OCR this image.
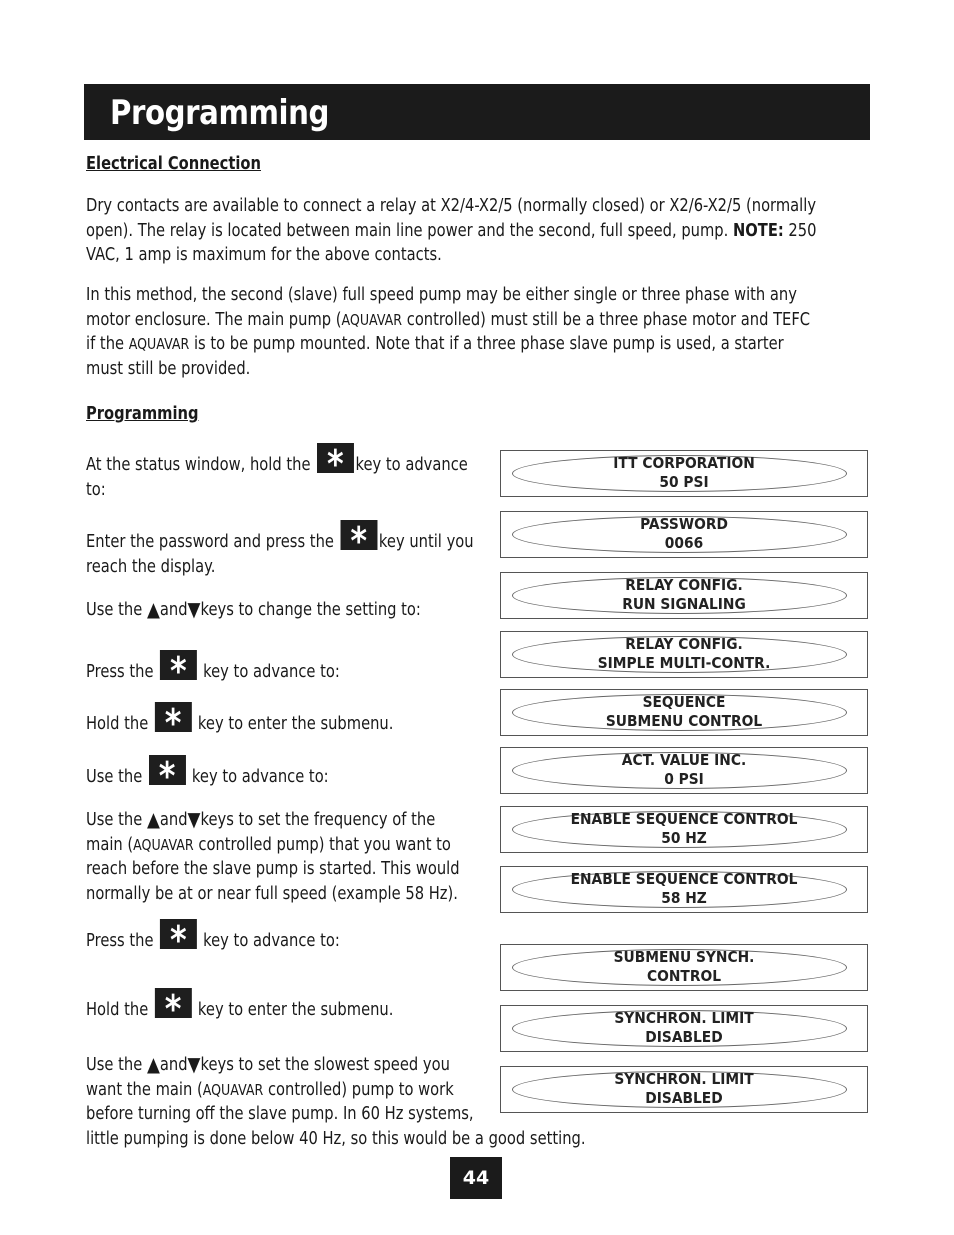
Programming
Electrical Connection
Dry contacts are available to connect a relay at X2/4-X2/5 (normally closed) or X2/6-X2/5 (normally
open). The relay is located between main line power and the second, full speed, pump. NOTE: 250
VAC, 1 amp is maximum for the above contacts.
In this method, the second (slave) full speed pump may be either single or three phase with any
motor enclosure. The main pump (AQUAVAR controlled) must still be a three phase motor and TEFC
if the AQUAVAR is to be pump mounted. Note that if a three phase slave pump is used, a starter
must still be provided.
Programming
At the status window, hold the * key to advance
to:
Enter the password and press the * key until you
reach the display.
Use the ▲and▼keys to change the setting to:
Press the * key to advance to:
Hold the * key to enter the submenu.
Use the * key to advance to:
Use the ▲and▼keys to set the frequency of the
main (AQUAVAR controlled pump) that you want to
reach before the slave pump is started. This would
normally be at or near full speed (example 58 Hz).
Press the * key to advance to:
Hold the * key to enter the submenu.
Use the ▲and▼keys to set the slowest speed you
want the main (AQUAVAR controlled) pump to work
before turning off the slave pump. In 60 Hz systems,
little pumping is done below 40 Hz, so this would be a good setting.
ITT CORPORATION
50 PSI
PASSWORD
0066
RELAY CONFIG.
RUN SIGNALING
RELAY CONFIG.
SIMPLE MULTI-CONTR.
SEQUENCE
SUBMENU CONTROL
ACT. VALUE INC.
0 PSI
ENABLE SEQUENCE CONTROL
50 HZ
ENABLE SEQUENCE CONTROL
58 HZ
SUBMENU SYNCH.
CONTROL
SYNCHRON. LIMIT
DISABLED
SYNCHRON. LIMIT
DISABLED
44
